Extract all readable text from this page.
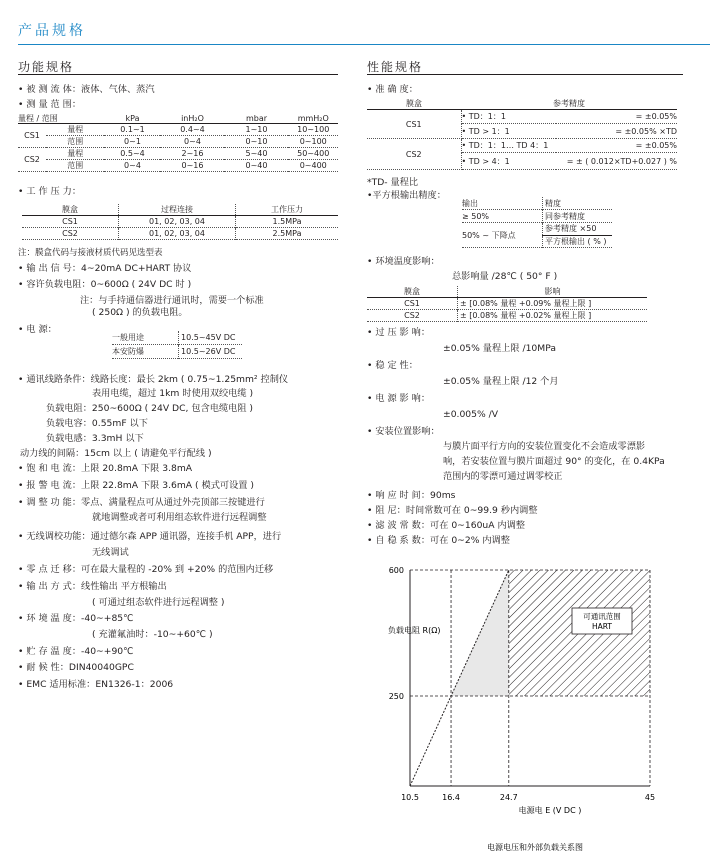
产品规格
功能规格
• 被 测 流 体：液体、气体、蒸汽
• 测 量 范 围：
量程 / 范围		kPa	inH₂O	mbar	mmH₂O
CS1	量程	0.1~1	0.4~4	1~10	10~100
	范围	0~1	0~4	0~10	0~100
CS2	量程	0.5~4	2~16	5~40	50~400
	范围	0~4	0~16	0~40	0~400
• 工 作 压 力：
膜盒	过程连接	工作压力
CS1	01, 02, 03, 04	1.5MPa
CS2	01, 02, 03, 04	2.5MPa
注：膜盒代码与接液材质代码见选型表
• 输 出 信 号：4~20mA DC+HART 协议
• 容许负载电阻：0~600Ω ( 24V DC 时 )
注：与手持通信器进行通讯时，需要一个标准
( 250Ω ) 的负载电阻。
• 电 源：
一般用途	10.5~45V DC
本安防爆	10.5~26V DC
• 通讯线路条件：线路长度：最长 2km ( 0.75~1.25mm² 控制仪
表用电缆，超过 1km 时使用双绞电缆 )
负载电阻：250~600Ω ( 24V DC, 包含电缆电阻 )
负载电容：0.55mF 以下
负载电感：3.3mH 以下
动力线的间隔：15cm 以上 ( 请避免平行配线 )
• 饱 和 电 流：上限 20.8mA 下限 3.8mA
• 报 警 电 流：上限 22.8mA 下限 3.6mA ( 模式可设置 )
• 调 整 功 能：零点、满量程点可从通过外壳顶部三按键进行
就地调整或者可利用组态软件进行远程调整
• 无线调校功能：通过德尔森 APP 通讯器，连接手机 APP，进行
无线调试
• 零 点 迁 移：可在最大量程的 -20% 到 +20% 的范围内迁移
• 输 出 方 式：线性输出 平方根输出
( 可通过组态软件进行远程调整 )
• 环 境 温 度：-40~+85℃
( 充灌氟油时：-10~+60℃ )
• 贮 存 温 度：-40~+90℃
• 耐 候 性：DIN40040GPC
• EMC 适用标准：EN1326-1：2006
性能规格
• 准 确 度：
膜盒	参考精度	
CS1	• TD：1：1	= ±0.05%
	• TD > 1：1	= ±0.05% ×TD
CS2	• TD：1：1… TD 4：1	= ±0.05%
	• TD > 4：1	= ± ( 0.012×TD+0.027 ) %
*TD- 量程比
•平方根输出精度：
输出	精度
≥ 50%	同参考精度
50% ~ 下降点	参考精度 ×50
	平方根输出 ( % )
• 环境温度影响：
总影响量 /28℃ ( 50° F )
膜盒	影响
CS1	± [0.08% 量程 +0.09% 量程上限 ]
CS2	± [0.08% 量程 +0.02% 量程上限 ]
• 过 压 影 响：
±0.05% 量程上限 /10MPa
• 稳 定 性：
±0.05% 量程上限 /12 个月
• 电 源 影 响：
±0.005% /V
• 安装位置影响：
与膜片面平行方向的安装位置变化不会造成零漂影
响，若安装位置与膜片面超过 90° 的变化，在 0.4KPa
范围内的零漂可通过调零校正
• 响 应 时 间：90ms
• 阻 尼：时间常数可在 0~99.9 秒内调整
• 滤 波 常 数：可在 0~160uA 内调整
• 自 稳 系 数：可在 0~2% 内调整
10.5	16.4	24.7	45
600
250
可通讯范围
HART
负载电阻 R(Ω)
电源电 E (V DC )
电源电压和外部负载关系图
